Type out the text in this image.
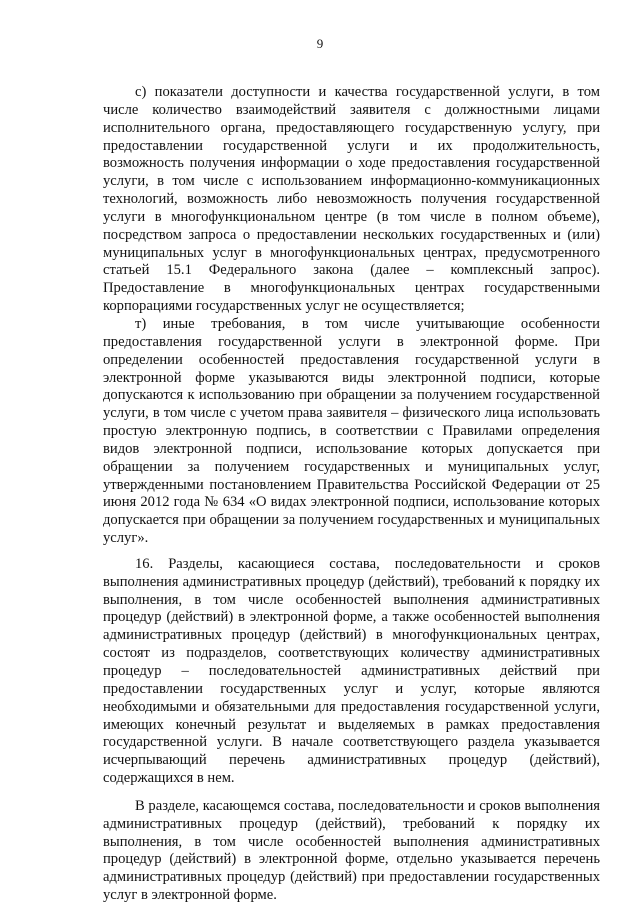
9

с) показатели доступности и качества государственной услуги, в том числе количество взаимодействий заявителя с должностными лицами исполнительного органа, предоставляющего государственную услугу, при предоставлении государственной услуги и их продолжительность, возможность получения информации о ходе предоставления государственной услуги, в том числе с использованием информационно-коммуникационных технологий, возможность либо невозможность получения государственной услуги в многофункциональном центре (в том числе в полном объеме), посредством запроса о предоставлении нескольких государственных и (или) муниципальных услуг в многофункциональных центрах, предусмотренного статьей 15.1 Федерального закона (далее – комплексный запрос). Предоставление в многофункциональных центрах государственными корпорациями государственных услуг не осуществляется;

т) иные требования, в том числе учитывающие особенности предоставления государственной услуги в электронной форме. При определении особенностей предоставления государственной услуги в электронной форме указываются виды электронной подписи, которые допускаются к использованию при обращении за получением государственной услуги, в том числе с учетом права заявителя – физического лица использовать простую электронную подпись, в соответствии с Правилами определения видов электронной подписи, использование которых допускается при обращении за получением государственных и муниципальных услуг, утвержденными постановлением Правительства Российской Федерации от 25 июня 2012 года № 634 «О видах электронной подписи, использование которых допускается при обращении за получением государственных и муниципальных услуг».

16. Разделы, касающиеся состава, последовательности и сроков выполнения административных процедур (действий), требований к порядку их выполнения, в том числе особенностей выполнения административных процедур (действий) в электронной форме, а также особенностей выполнения административных процедур (действий) в многофункциональных центрах, состоят из подразделов, соответствующих количеству административных процедур – последовательностей административных действий при предоставлении государственных услуг и услуг, которые являются необходимыми и обязательными для предоставления государственной услуги, имеющих конечный результат и выделяемых в рамках предоставления государственной услуги. В начале соответствующего раздела указывается исчерпывающий перечень административных процедур (действий), содержащихся в нем.

В разделе, касающемся состава, последовательности и сроков выполнения административных процедур (действий), требований к порядку их выполнения, в том числе особенностей выполнения административных процедур (действий) в электронной форме, отдельно указывается перечень административных процедур (действий) при предоставлении государственных услуг в электронной форме.
